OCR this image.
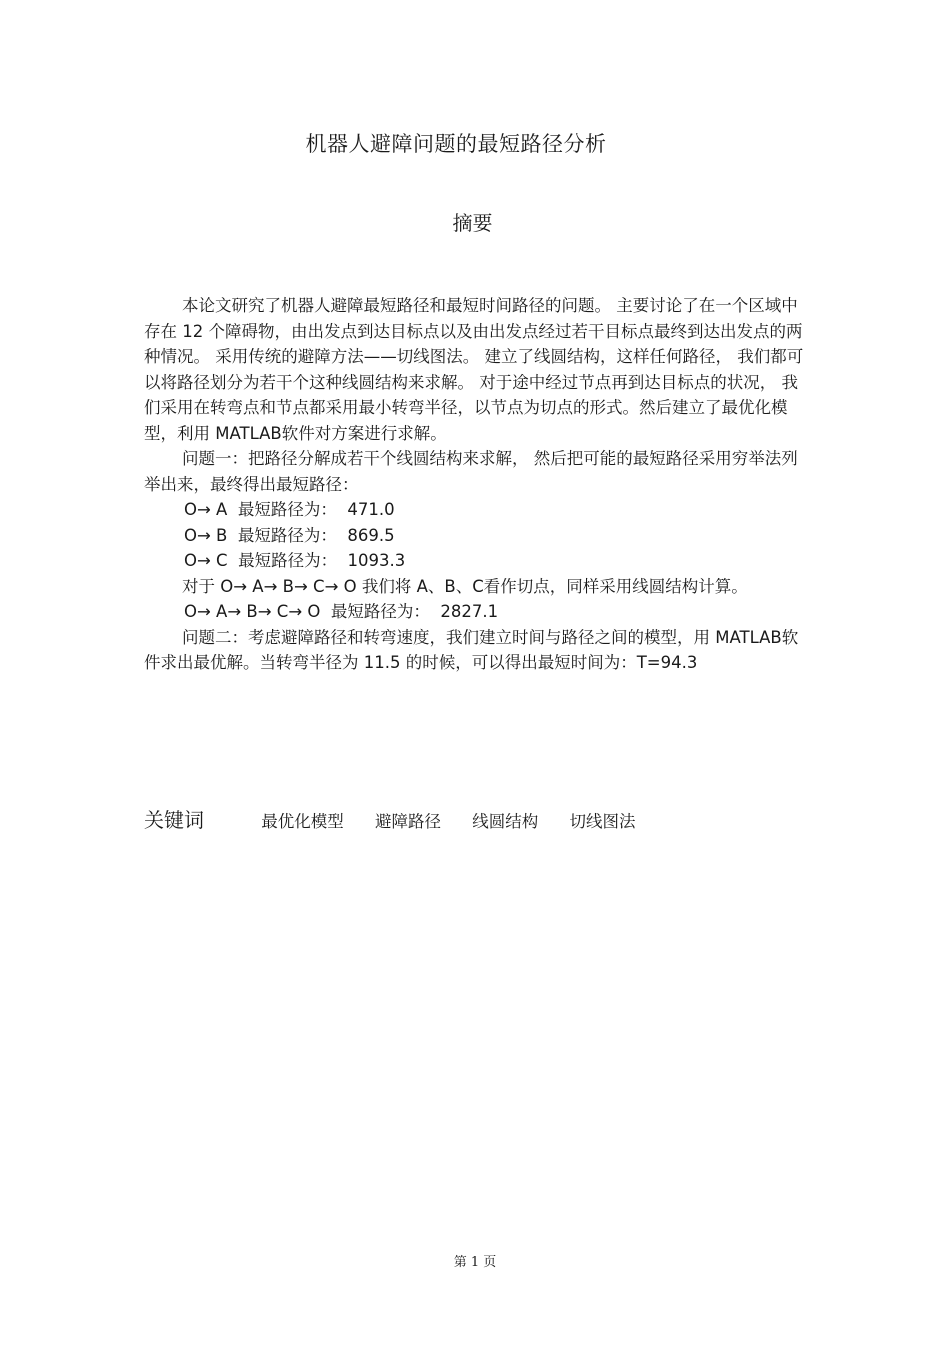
机器人避障问题的最短路径分析
摘要

本论文研究了机器人避障最短路径和最短时间路径的问题。 主要讨论了在一个区域中存在 12 个障碍物，由出发点到达目标点以及由出发点经过若干目标点最终到达出发点的两种情况。 采用传统的避障方法——切线图法。 建立了线圆结构，这样任何路径， 我们都可以将路径划分为若干个这种线圆结构来求解。 对于途中经过节点再到达目标点的状况， 我们采用在转弯点和节点都采用最小转弯半径，以节点为切点的形式。然后建立了最优化模型，利用 MATLAB软件对方案进行求解。

问题一：把路径分解成若干个线圆结构来求解， 然后把可能的最短路径采用穷举法列举出来，最终得出最短路径：

O→ A  最短路径为：  471.0
O→ B  最短路径为：  869.5
O→ C  最短路径为：  1093.3

对于 O→ A→ B→ C→ O 我们将 A、B、C看作切点，同样采用线圆结构计算。

O→ A→ B→ C→ O  最短路径为：  2827.1

问题二：考虑避障路径和转弯速度，我们建立时间与路径之间的模型，用 MATLAB软件求出最优解。当转弯半径为 11.5 的时候，可以得出最短时间为：T=94.3

关键词	最优化模型 避障路径 线圆结构 切线图法
第 1 页
